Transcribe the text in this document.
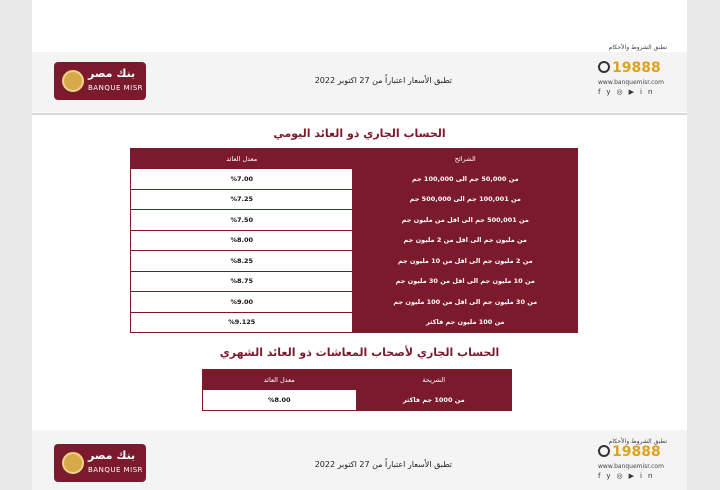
بنك مصر
BANQUE MISR
تطبق الأسعار اعتباراً من 27 اكتوبر 2022
تطبق الشروط والأحكام
19888
www.banquemisr.com
fy◎▶in
الحساب الجاري ذو العائد اليومي
معدل العائد	الشرائح
%7.00	من 50,000 جم الى 100,000 جم
%7.25	من 100,001 جم الى 500,000 جم
%7.50	من 500,001 جم الى اقل من مليون جم
%8.00	من مليون جم الى اقل من 2 مليون جم
%8.25	من 2 مليون جم الى اقل من 10 مليون جم
%8.75	من 10 مليون جم الى اقل من 30 مليون جم
%9.00	من 30 مليون جم الى اقل من 100 مليون جم
%9.125	من 100 مليون جم فاكثر
الحساب الجاري لأصحاب المعاشات ذو العائد الشهري
معدل العائد	الشريحة
%8.00	من 1000 جم فاكثر
بنك مصر
BANQUE MISR
تطبق الأسعار اعتباراً من 27 اكتوبر 2022
تطبق الشروط والأحكام
19888
www.banquemisr.com
fy◎▶in
